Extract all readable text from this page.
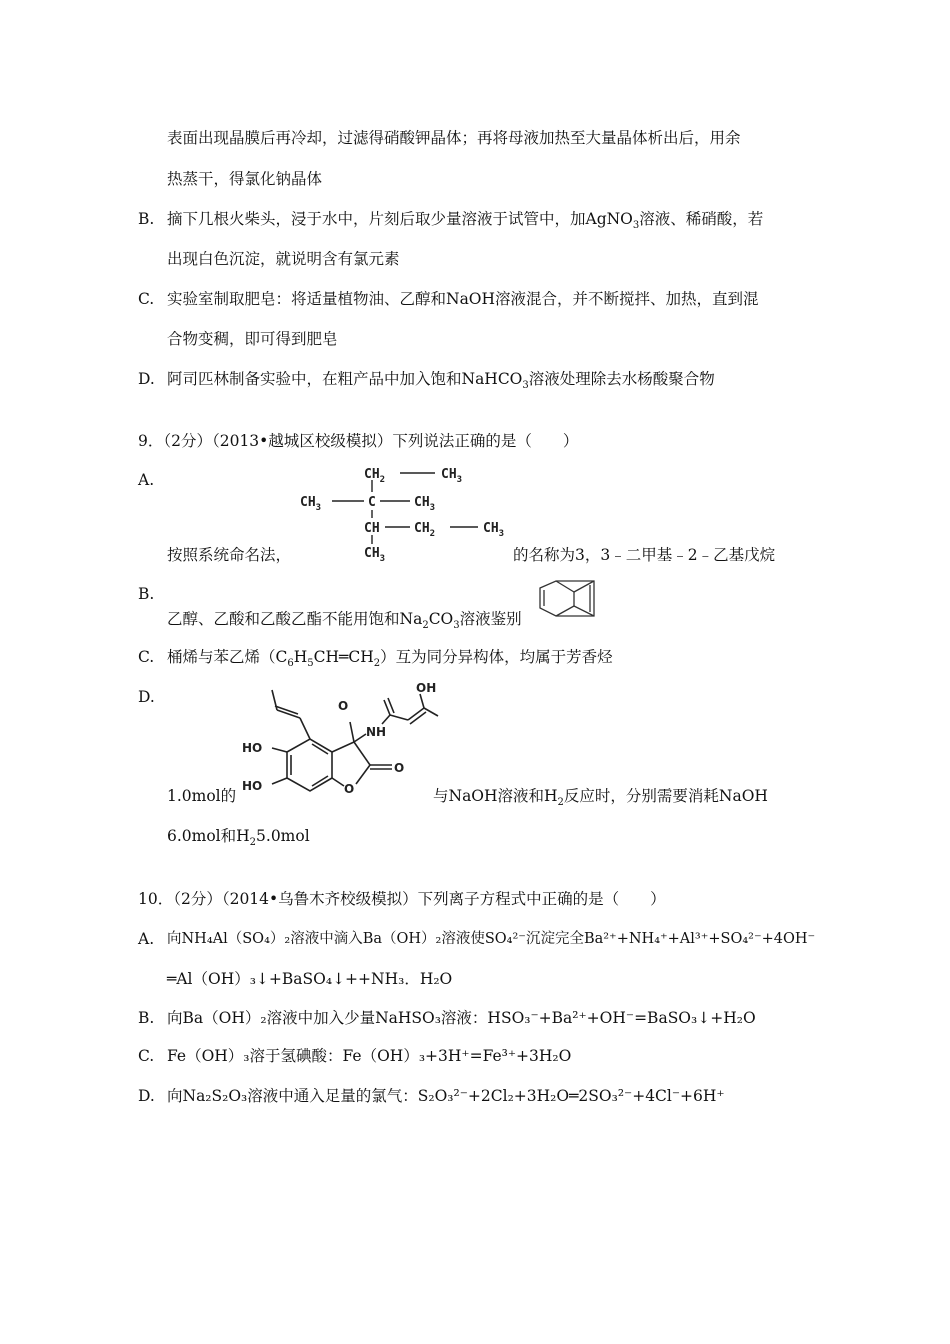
表面出现晶膜后再冷却，过滤得硝酸钾晶体；再将母液加热至大量晶体析出后，用余
热蒸干，得氯化钠晶体
B. 摘下几根火柴头，浸于水中，片刻后取少量溶液于试管中，加AgNO$_3$溶液、稀硝酸，若
出现白色沉淀，就说明含有氯元素
C. 实验室制取肥皂：将适量植物油、乙醇和NaOH溶液混合，并不断搅拌、加热，直到混
合物变稠，即可得到肥皂
D. 阿司匹林制备实验中，在粗产品中加入饱和NaHCO$_3$溶液处理除去水杨酸聚合物
9．（2分）（2013•越城区校级模拟）下列说法正确的是（　　）
A.	$CH_2$	$CH_3$
$CH_3$	C	$CH_3$
CH	$CH_2$	$CH_3$
$CH_3$
按照系统命名法，	的名称为3，3﹣二甲基﹣2﹣乙基戊烷
B.
乙醇、乙酸和乙酸乙酯不能用饱和$Na_2CO_3$溶液鉴别
C. 桶烯与苯乙烯$(C_6H_5CH═CH_2)$互为同分异构体，均属于芳香烃
D.	OH
O
NH
HO
HO	O
O
1.0mol的	与NaOH溶液和$H_2$反应时，分别需要消耗NaOH
6.0mol和$H_25.0mol$
10．（2分）（2014•乌鲁木齐校级模拟）下列离子方程式中正确的是（　　）
A. 向NH₄Al（SO₄）₂溶液中滴入Ba（OH）₂溶液使SO₄²⁻沉淀完全Ba²⁺+NH₄⁺+Al³⁺+SO₄²⁻+4OH⁻
═Al（OH）₃↓+BaSO₄↓++NH₃．H₂O
B. 向Ba（OH）₂溶液中加入少量NaHSO₃溶液：HSO₃⁻+Ba²⁺+OH⁻=BaSO₃↓+H₂O
C. Fe（OH）₃溶于氢碘酸：Fe（OH）₃+3H⁺=Fe³⁺+3H₂O
D. 向Na₂S₂O₃溶液中通入足量的氯气：S₂O₃²⁻+2Cl₂+3H₂O═2SO₃²⁻+4Cl⁻+6H⁺
